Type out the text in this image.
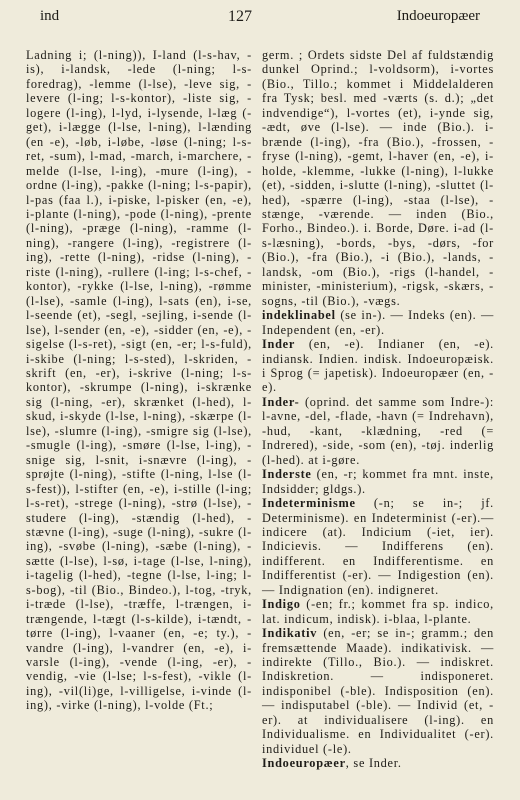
ind	127	Indoeuropæer

Ladning i; (l-ning)), I-land (l-s-hav, -is), i-landsk, -lede (l-ning; l-s-foredrag), -lemme (l-lse), -leve sig, -levere (l-ing; l-s-kontor), -liste sig, -logere (l-ing), l-lyd, i-lysende, l-læg (-get), i-lægge (l-lse, l-ning), l-lænding (en -e), -løb, i-løbe, -løse (l-ning; l-s-ret, -sum), l-mad, -march, i-marchere, -melde (l-lse, l-ing), -mure (l-ing), -ordne (l-ing), -pakke (l-ning; l-s-papir), l-pas (faa l.), i-piske, l-pisker (en, -e), i-plante (l-ning), -pode (l-ning), -prente (l-ning), -præge (l-ning), -ramme (l-ning), -rangere (l-ing), -registrere (l-ing), -rette (l-ning), -ridse (l-ning), -riste (l-ning), -rullere (l-ing; l-s-chef, -kontor), -rykke (l-lse, l-ning), -rømme (l-lse), -samle (l-ing), l-sats (en), i-se, l-seende (et), -segl, -sejling, i-sende (l-lse), l-sender (en, -e), -sidder (en, -e), -sigelse (l-s-ret), -sigt (en, -er; l-s-fuld), i-skibe (l-ning; l-s-sted), l-skriden, -skrift (en, -er), i-skrive (l-ning; l-s-kontor), -skrumpe (l-ning), i-skrænke sig (l-ning, -er), skrænket (l-hed), l-skud, i-skyde (l-lse, l-ning), -skærpe (l-lse), -slumre (l-ing), -smigre sig (l-lse), -smugle (l-ing), -smøre (l-lse, l-ing), -snige sig, l-snit, i-snævre (l-ing), -sprøjte (l-ning), -stifte (l-ning, l-lse (l-s-fest)), l-stifter (en, -e), i-stille (l-ing; l-s-ret), -strege (l-ning), -strø (l-lse), -studere (l-ing), -stændig (l-hed), -stævne (l-ing), -suge (l-ning), -sukre (l-ing), -svøbe (l-ning), -sæbe (l-ning), -sætte (l-lse), l-sø, i-tage (l-lse, l-ning), i-tagelig (l-hed), -tegne (l-lse, l-ing; l-s-bog), -til (Bio., Bindeo.), l-tog, -tryk, i-træde (l-lse), -træffe, l-trængen, i-trængende, l-tægt (l-s-kilde), i-tændt, -tørre (l-ing), l-vaaner (en, -e; ty.), -vandre (l-ing), l-vandrer (en, -e), i-varsle (l-ing), -vende (l-ing, -er), -vendig, -vie (l-lse; l-s-fest), -vikle (l-ing), -vil(li)ge, l-villigelse, i-vinde (l-ing), -virke (l-ning), l-volde (Ft.;

germ. ; Ordets sidste Del af fuldstændig dunkel Oprind.; l-voldsorm), i-vortes (Bio., Tillo.; kommet i Middelalderen fra Tysk; besl. med -værts (s. d.); „det indvendige“), l-vortes (et), i-ynde sig, -ædt, øve (l-lse). — inde (Bio.). i-brænde (l-ing), -fra (Bio.), -frossen, -fryse (l-ning), -gemt, l-haver (en, -e), i-holde, -klemme, -lukke (l-ning), l-lukke (et), -sidden, i-slutte (l-ning), -sluttet (l-hed), -spærre (l-ing), -staa (l-lse), -stænge, -værende. — inden (Bio., Forho., Bindeo.). i. Borde, Døre. i-ad (l-s-læsning), -bords, -bys, -dørs, -for (Bio.), -fra (Bio.), -i (Bio.), -lands, -landsk, -om (Bio.), -rigs (l-handel, -minister, -ministerium), -rigsk, -skærs, -sogns, -til (Bio.), -vægs.

indeklinabel (se in-). — Indeks (en). — Independent (en, -er).

Inder (en, -e). Indianer (en, -e). indiansk. Indien. indisk. Indoeuropæisk. i Sprog (= japetisk). Indoeuropæer (en, -e).

Inder- (oprind. det samme som Indre-): l-avne, -del, -flade, -havn (= Indrehavn), -hud, -kant, -klædning, -red (= Indrered), -side, -som (en), -tøj. inderlig (l-hed). at i-gøre.

Inderste (en, -r; kommet fra mnt. inste, Indsidder; gldgs.).

Indeterminisme (-n; se in-; jf. Determinisme). en Indeterminist (-er).—indicere (at). Indicium (-iet, ier). Indicievis. — Indifferens (en). indifferent. en Indifferentisme. en Indifferentist (-er). — Indigestion (en). — Indignation (en). indigneret.

Indigo (-en; fr.; kommet fra sp. indico, lat. indicum, indisk). i-blaa, l-plante.

Indikativ (en, -er; se in-; gramm.; den fremsættende Maade). indikativisk. — indirekte (Tillo., Bio.). — indiskret. Indiskretion. — indisponeret. indisponibel (-ble). Indisposition (en). — indisputabel (-ble). — Individ (et, -er). at individualisere (l-ing). en Individualisme. en Individualitet (-er). individuel (-le).

Indoeuropæer, se Inder.
